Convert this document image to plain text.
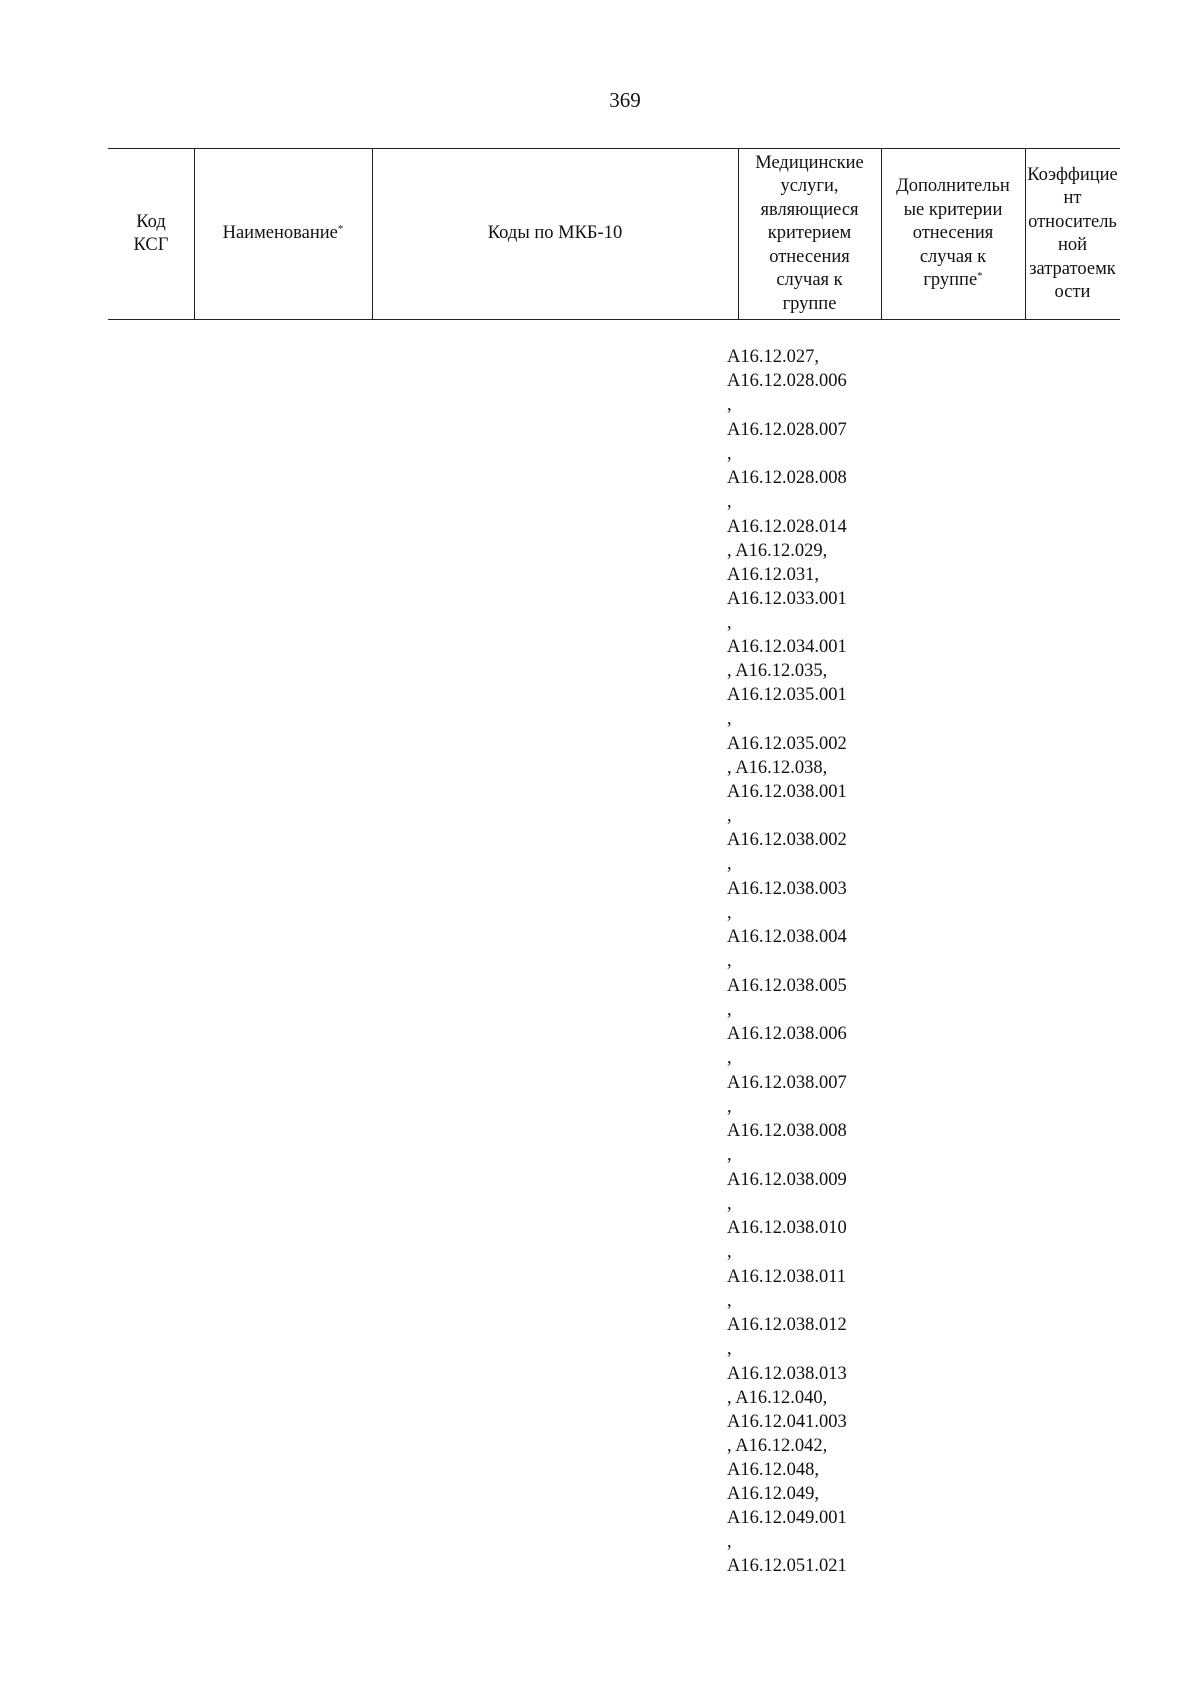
369
Код
КСГ
Наименование*	Коды по МКБ-10
Медицинские
услуги,
являющиеся
критерием
отнесения
случая к
группе
Дополнительн
ые критерии
отнесения
случая к
группе*
Коэффицие
нт
относитель
ной
затратоемк
ости
A16.12.027,
A16.12.028.006
,
A16.12.028.007
,
A16.12.028.008
,
A16.12.028.014
, A16.12.029,
A16.12.031,
A16.12.033.001
,
A16.12.034.001
, A16.12.035,
A16.12.035.001
,
A16.12.035.002
, A16.12.038,
A16.12.038.001
,
A16.12.038.002
,
A16.12.038.003
,
A16.12.038.004
,
A16.12.038.005
,
A16.12.038.006
,
A16.12.038.007
,
A16.12.038.008
,
A16.12.038.009
,
A16.12.038.010
,
A16.12.038.011
,
A16.12.038.012
,
A16.12.038.013
, A16.12.040,
A16.12.041.003
, A16.12.042,
A16.12.048,
A16.12.049,
A16.12.049.001
,
A16.12.051.021
